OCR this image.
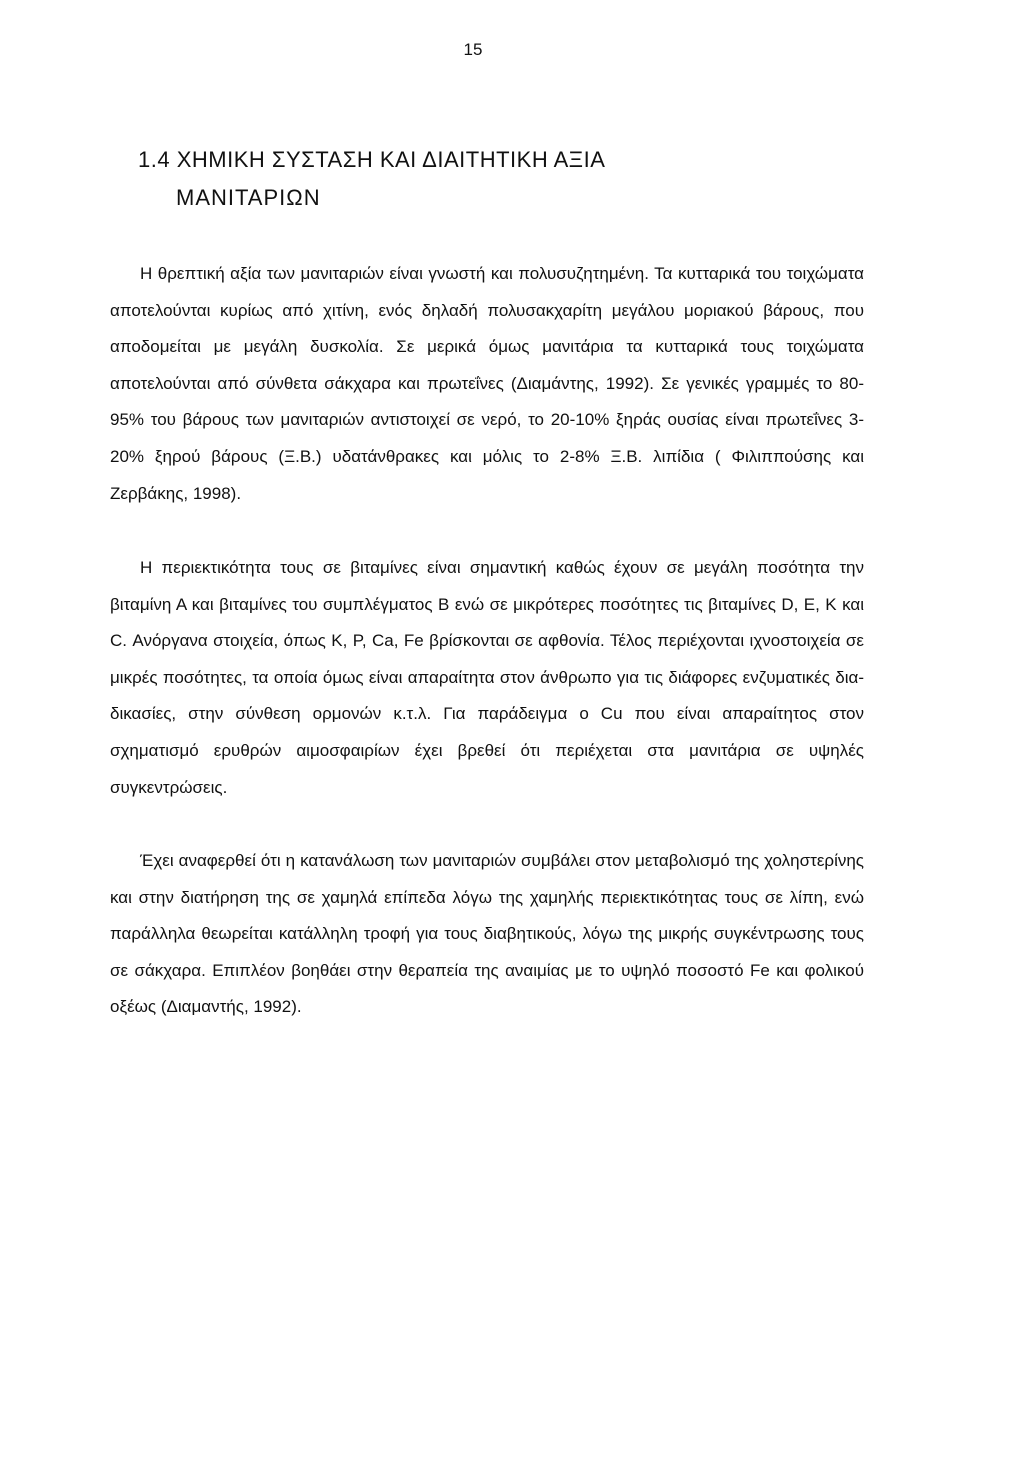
15
1.4 ΧΗΜΙΚΗ ΣΥΣΤΑΣΗ ΚΑΙ ΔΙΑΙΤΗΤΙΚΗ ΑΞΙΑ
ΜΑΝΙΤΑΡΙΩΝ

Η θρεπτική αξία των μανιταριών είναι γνωστή και πολυσυζητημένη. Τα κυτταρικά του τοιχώματα αποτελούνται κυρίως από χιτίνη, ενός δηλαδή πολυσακχαρίτη μεγάλου μοριακού βάρους, που αποδομείται με μεγάλη δυσκολία. Σε μερικά όμως μανιτάρια τα κυτταρικά τους τοιχώματα αποτελούνται από σύνθετα σάκχαρα και πρωτεΐνες (Διαμάντης, 1992). Σε γενικές γραμμές το 80-95% του βάρους των μανιταριών αντιστοιχεί σε νερό, το 20-10% ξηράς ουσίας είναι πρωτεΐνες 3-20% ξηρού βάρους (Ξ.Β.) υδατάνθρακες και μόλις το 2-8% Ξ.Β. λιπίδια ( Φιλιππούσης και Ζερβάκης, 1998).

Η περιεκτικότητα τους σε βιταμίνες είναι σημαντική καθώς έχουν σε μεγάλη ποσότητα την βιταμίνη Α και βιταμίνες του συμπλέγματος Β ενώ σε μικρότερες ποσότητες τις βιταμίνες D, E, K και C. Ανόργανα στοιχεία, όπως K, P, Ca, Fe βρίσκονται σε αφθονία. Τέλος περιέχονται ιχνοστοιχεία σε μικρές ποσότητες, τα οποία όμως είναι απαραίτητα στον άνθρωπο για τις διάφορες ενζυματικές δια-δικασίες, στην σύνθεση ορμονών κ.τ.λ. Για παράδειγμα ο Cu που είναι απαραίτητος στον σχηματισμό ερυθρών αιμοσφαιρίων έχει βρεθεί ότι περιέχεται στα μανιτάρια σε υψηλές συγκεντρώσεις.

Έχει αναφερθεί ότι η κατανάλωση των μανιταριών συμβάλει στον μεταβολισμό της χοληστερίνης και στην διατήρηση της σε χαμηλά επίπεδα λόγω της χαμηλής περιεκτικότητας τους σε λίπη, ενώ παράλληλα θεωρείται κατάλληλη τροφή για τους διαβητικούς, λόγω της μικρής συγκέντρωσης τους σε σάκχαρα. Επιπλέον βοηθάει στην θεραπεία της αναιμίας με το υψηλό ποσοστό Fe και φολικού οξέως (Διαμαντής, 1992).
